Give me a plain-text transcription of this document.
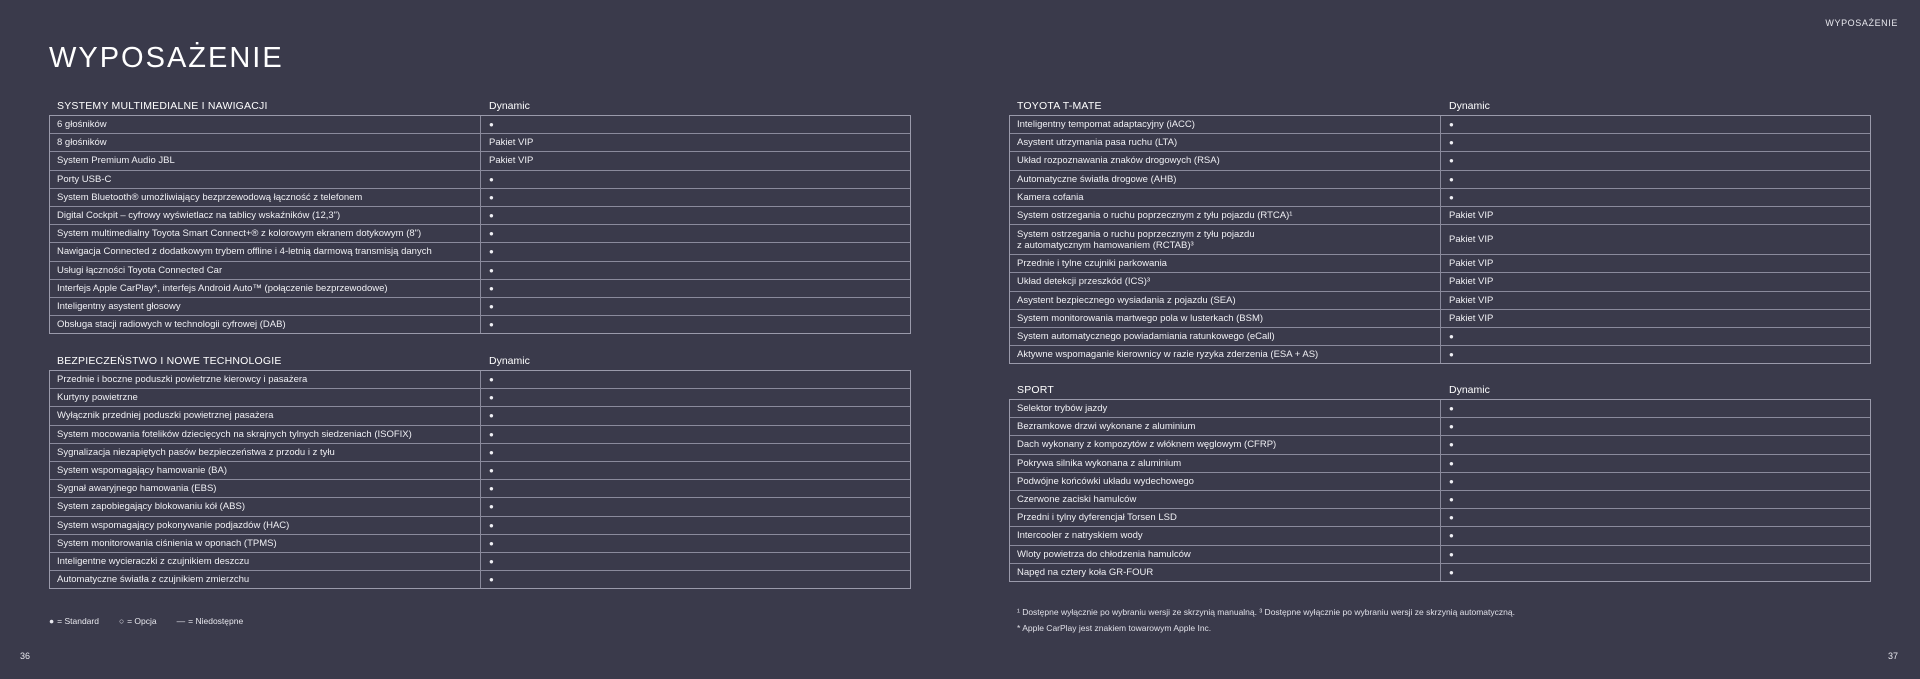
WYPOSAŻENIE
WYPOSAŻENIE
SYSTEMY MULTIMEDIALNE I NAWIGACJI	Dynamic
6 głośników	●
8 głośników	Pakiet VIP
System Premium Audio JBL	Pakiet VIP
Porty USB-C	●
System Bluetooth® umożliwiający bezprzewodową łączność z telefonem	●
Digital Cockpit – cyfrowy wyświetlacz na tablicy wskaźników (12,3")	●
System multimedialny Toyota Smart Connect+® z kolorowym ekranem dotykowym (8")	●
Nawigacja Connected z dodatkowym trybem offline i 4-letnią darmową transmisją danych	●
Usługi łączności Toyota Connected Car	●
Interfejs Apple CarPlay*, interfejs Android Auto™ (połączenie bezprzewodowe)	●
Inteligentny asystent głosowy	●
Obsługa stacji radiowych w technologii cyfrowej (DAB)	●
BEZPIECZEŃSTWO I NOWE TECHNOLOGIE	Dynamic
Przednie i boczne poduszki powietrzne kierowcy i pasażera	●
Kurtyny powietrzne	●
Wyłącznik przedniej poduszki powietrznej pasażera	●
System mocowania fotelików dziecięcych na skrajnych tylnych siedzeniach (ISOFIX)	●
Sygnalizacja niezapiętych pasów bezpieczeństwa z przodu i z tyłu	●
System wspomagający hamowanie (BA)	●
Sygnał awaryjnego hamowania (EBS)	●
System zapobiegający blokowaniu kół (ABS)	●
System wspomagający pokonywanie podjazdów (HAC)	●
System monitorowania ciśnienia w oponach (TPMS)	●
Inteligentne wycieraczki z czujnikiem deszczu	●
Automatyczne światła z czujnikiem zmierzchu	●
TOYOTA T-MATE	Dynamic
Inteligentny tempomat adaptacyjny (iACC)	●
Asystent utrzymania pasa ruchu (LTA)	●
Układ rozpoznawania znaków drogowych (RSA)	●
Automatyczne światła drogowe (AHB)	●
Kamera cofania	●
System ostrzegania o ruchu poprzecznym z tyłu pojazdu (RTCA)¹	Pakiet VIP
System ostrzegania o ruchu poprzecznym z tyłu pojazdu
z automatycznym hamowaniem (RCTAB)³	Pakiet VIP
Przednie i tylne czujniki parkowania	Pakiet VIP
Układ detekcji przeszkód (ICS)³	Pakiet VIP
Asystent bezpiecznego wysiadania z pojazdu (SEA)	Pakiet VIP
System monitorowania martwego pola w lusterkach (BSM)	Pakiet VIP
System automatycznego powiadamiania ratunkowego (eCall)	●
Aktywne wspomaganie kierownicy w razie ryzyka zderzenia (ESA + AS)	●
SPORT	Dynamic
Selektor trybów jazdy	●
Bezramkowe drzwi wykonane z aluminium	●
Dach wykonany z kompozytów z włóknem węglowym (CFRP)	●
Pokrywa silnika wykonana z aluminium	●
Podwójne końcówki układu wydechowego	●
Czerwone zaciski hamulców	●
Przedni i tylny dyferencjał Torsen LSD	●
Intercooler z natryskiem wody	●
Wloty powietrza do chłodzenia hamulców	●
Napęd na cztery koła GR-FOUR	●
● = Standard ○ = Opcja — = Niedostępne
¹ Dostępne wyłącznie po wybraniu wersji ze skrzynią manualną. ³ Dostępne wyłącznie po wybraniu wersji ze skrzynią automatyczną.
* Apple CarPlay jest znakiem towarowym Apple Inc.
36	37
